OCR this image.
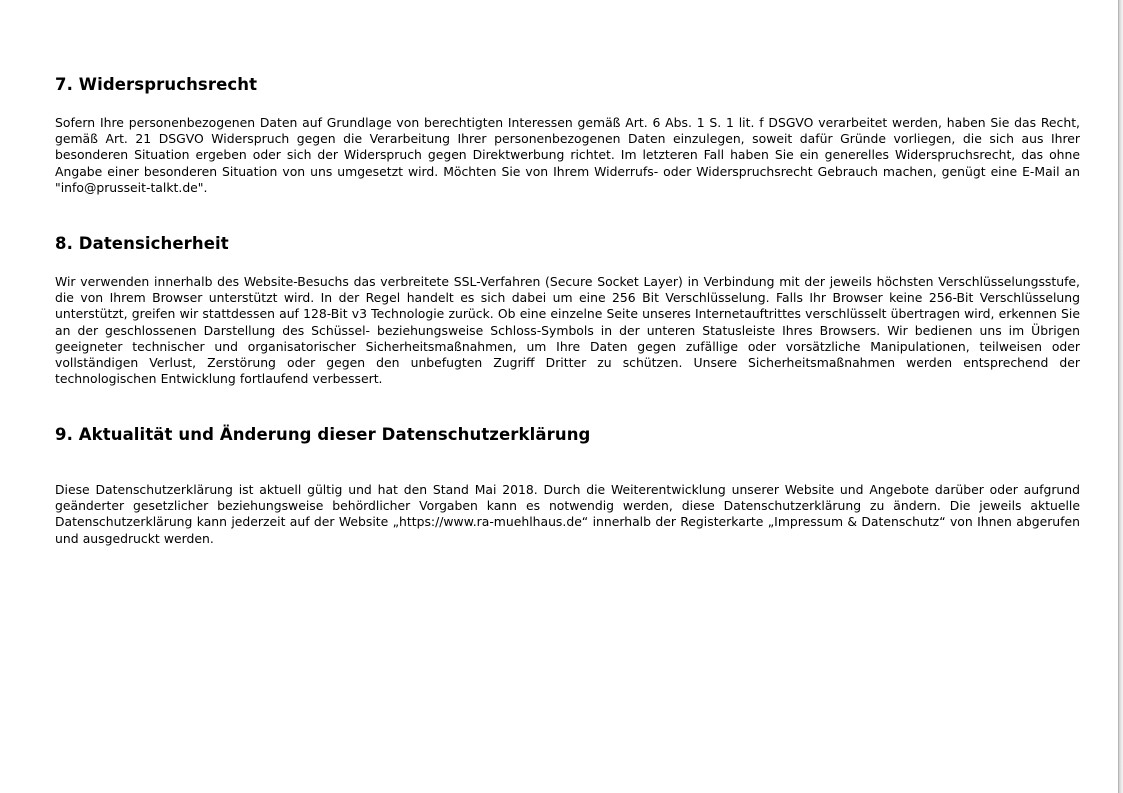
7. Widerspruchsrecht

Sofern Ihre personenbezogenen Daten auf Grundlage von berechtigten Interessen gemäß Art. 6 Abs. 1 S. 1 lit. f DSGVO verarbeitet werden, haben Sie das Recht, gemäß Art. 21 DSGVO Widerspruch gegen die Verarbeitung Ihrer personenbezogenen Daten einzulegen, soweit dafür Gründe vorliegen, die sich aus Ihrer besonderen Situation ergeben oder sich der Widerspruch gegen Direktwerbung richtet. Im letzteren Fall haben Sie ein generelles Widerspruchsrecht, das ohne Angabe einer besonderen Situation von uns umgesetzt wird. Möchten Sie von Ihrem Widerrufs- oder Widerspruchsrecht Gebrauch machen, genügt eine E-Mail an "info@prusseit-talkt.de".

8. Datensicherheit

Wir verwenden innerhalb des Website-Besuchs das verbreitete SSL-Verfahren (Secure Socket Layer) in Verbindung mit der jeweils höchsten Verschlüsselungsstufe, die von Ihrem Browser unterstützt wird. In der Regel handelt es sich dabei um eine 256 Bit Verschlüsselung. Falls Ihr Browser keine 256-Bit Verschlüsselung unterstützt, greifen wir stattdessen auf 128-Bit v3 Technologie zurück. Ob eine einzelne Seite unseres Internetauftrittes verschlüsselt übertragen wird, erkennen Sie an der geschlossenen Darstellung des Schüssel- beziehungsweise Schloss-Symbols in der unteren Statusleiste Ihres Browsers. Wir bedienen uns im Übrigen geeigneter technischer und organisatorischer Sicherheitsmaßnahmen, um Ihre Daten gegen zufällige oder vorsätzliche Manipulationen, teilweisen oder vollständigen Verlust, Zerstörung oder gegen den unbefugten Zugriff Dritter zu schützen. Unsere Sicherheitsmaßnahmen werden entsprechend der technologischen Entwicklung fortlaufend verbessert.

9. Aktualität und Änderung dieser Datenschutzerklärung

Diese Datenschutzerklärung ist aktuell gültig und hat den Stand Mai 2018. Durch die Weiterentwicklung unserer Website und Angebote darüber oder aufgrund geänderter gesetzlicher beziehungsweise behördlicher Vorgaben kann es notwendig werden, diese Datenschutzerklärung zu ändern. Die jeweils aktuelle Datenschutzerklärung kann jederzeit auf der Website „https://www.ra-muehlhaus.de“ innerhalb der Registerkarte „Impressum & Datenschutz“ von Ihnen abgerufen und ausgedruckt werden.
